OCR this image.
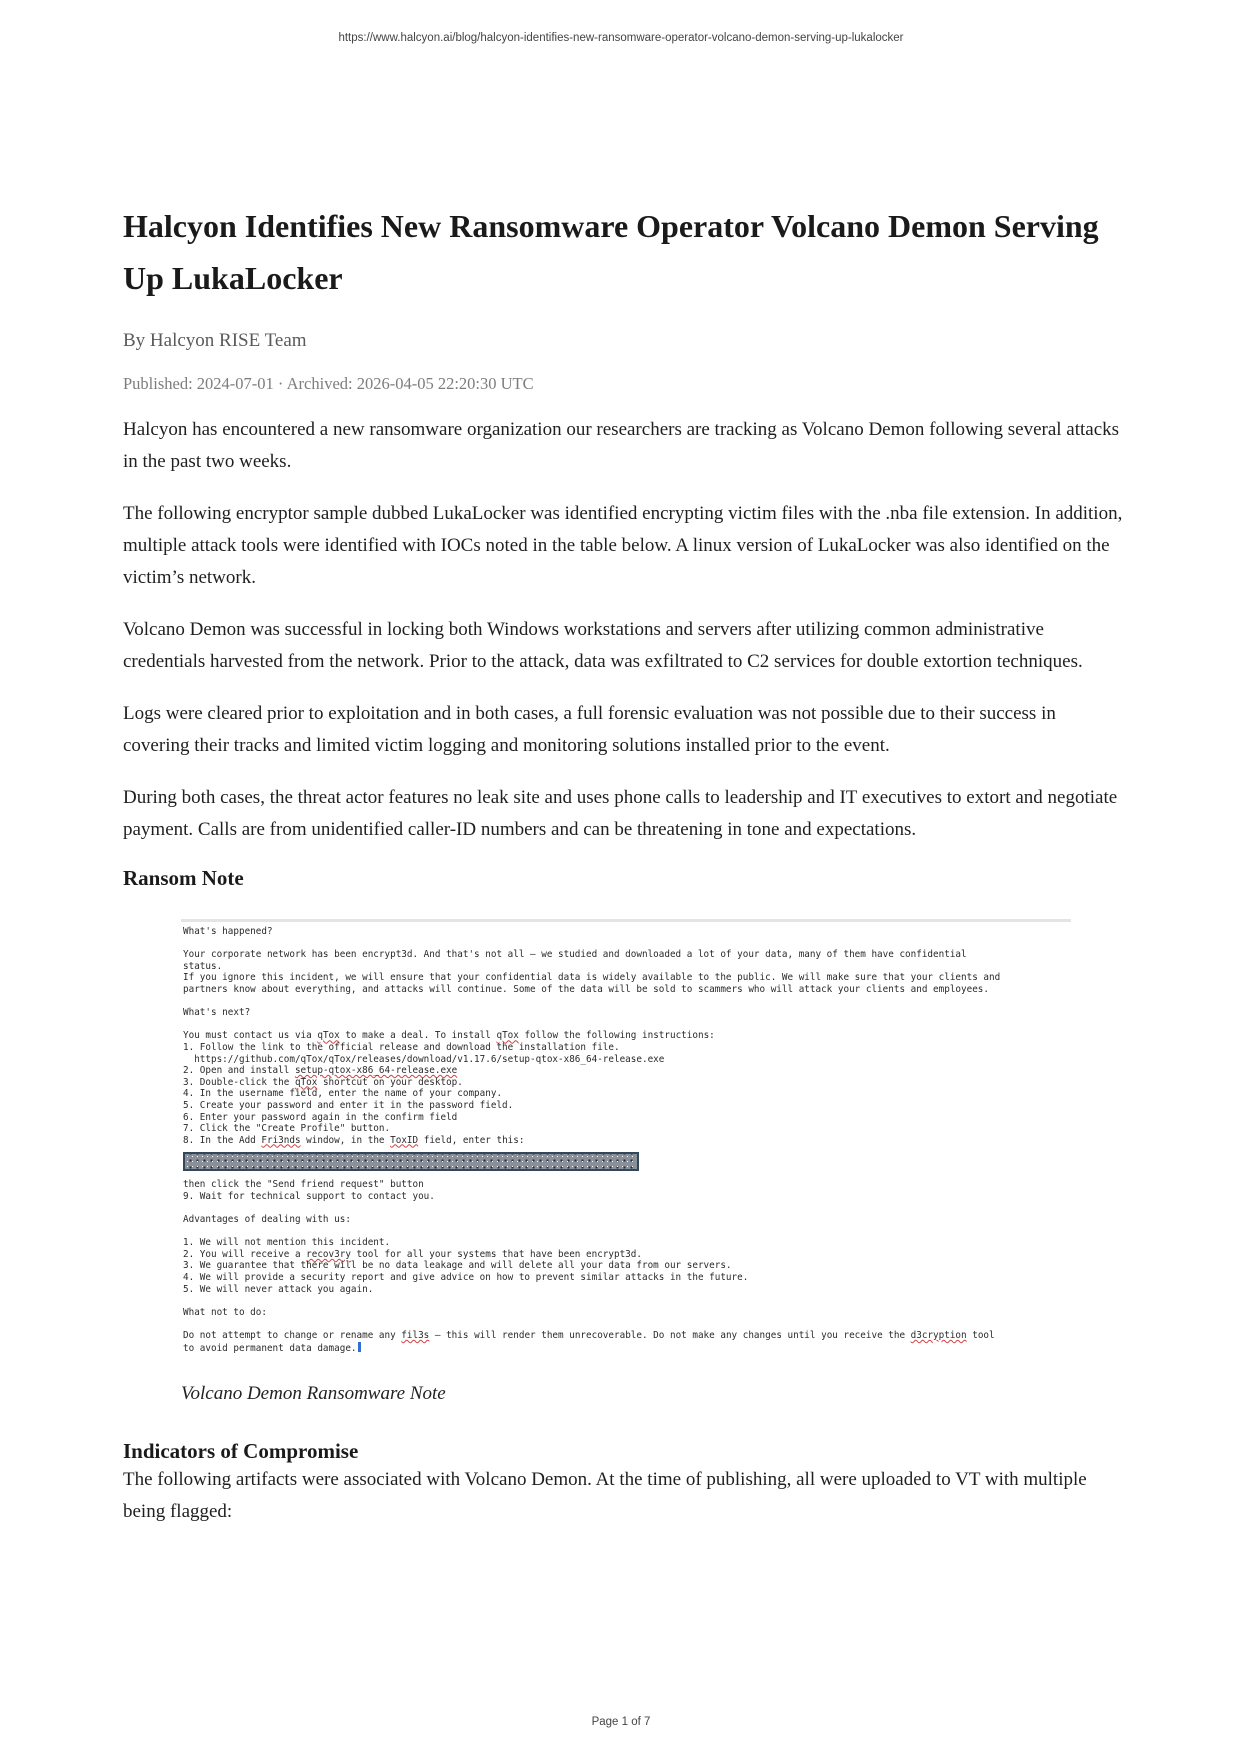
https://www.halcyon.ai/blog/halcyon-identifies-new-ransomware-operator-volcano-demon-serving-up-lukalocker
Halcyon Identifies New Ransomware Operator Volcano Demon Serving Up LukaLocker
By Halcyon RISE Team
Published: 2024-07-01 · Archived: 2026-04-05 22:20:30 UTC

Halcyon has encountered a new ransomware organization our researchers are tracking as Volcano Demon following several attacks in the past two weeks.

The following encryptor sample dubbed LukaLocker was identified encrypting victim files with the .nba file extension. In addition, multiple attack tools were identified with IOCs noted in the table below. A linux version of LukaLocker was also identified on the victim’s network.

Volcano Demon was successful in locking both Windows workstations and servers after utilizing common administrative credentials harvested from the network. Prior to the attack, data was exfiltrated to C2 services for double extortion techniques.

Logs were cleared prior to exploitation and in both cases, a full forensic evaluation was not possible due to their success in covering their tracks and limited victim logging and monitoring solutions installed prior to the event.

During both cases, the threat actor features no leak site and uses phone calls to leadership and IT executives to extort and negotiate payment. Calls are from unidentified caller-ID numbers and can be threatening in tone and expectations.

Ransom Note
What's happened?

Your corporate network has been encrypt3d. And that's not all – we studied and downloaded a lot of your data, many of them have confidential
status.
If you ignore this incident, we will ensure that your confidential data is widely available to the public. We will make sure that your clients and
partners know about everything, and attacks will continue. Some of the data will be sold to scammers who will attack your clients and employees.

What's next?

You must contact us via qTox to make a deal. To install qTox follow the following instructions:
1. Follow the link to the official release and download the installation file.
https://github.com/qTox/qTox/releases/download/v1.17.6/setup-qtox-x86_64-release.exe
2. Open and install setup-qtox-x86_64-release.exe
3. Double-click the qTox shortcut on your desktop.
4. In the username field, enter the name of your company.
5. Create your password and enter it in the password field.
6. Enter your password again in the confirm field
7. Click the "Create Profile" button.
8. In the Add Fri3nds window, in the ToxID field, enter this:
then click the "Send friend request" button
9. Wait for technical support to contact you.

Advantages of dealing with us:

1. We will not mention this incident.
2. You will receive a recov3ry tool for all your systems that have been encrypt3d.
3. We guarantee that there will be no data leakage and will delete all your data from our servers.
4. We will provide a security report and give advice on how to prevent similar attacks in the future.
5. We will never attack you again.

What not to do:

Do not attempt to change or rename any fil3s – this will render them unrecoverable. Do not make any changes until you receive the d3cryption tool
to avoid permanent data damage.
Volcano Demon Ransomware Note
Indicators of Compromise

The following artifacts were associated with Volcano Demon. At the time of publishing, all were uploaded to VT with multiple being flagged:

Page 1 of 7
